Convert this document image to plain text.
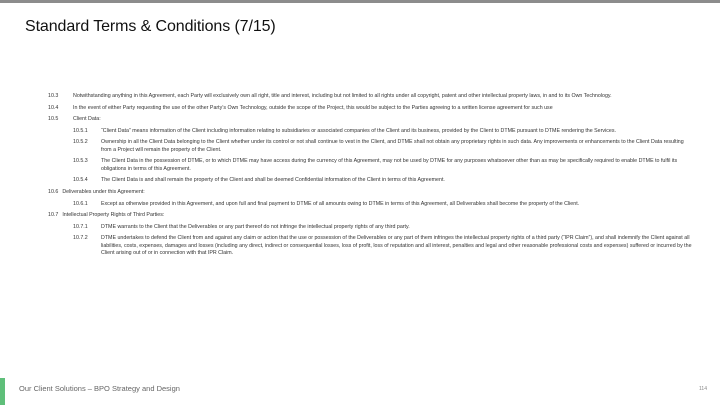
Standard Terms & Conditions (7/15)
10.3	Notwithstanding anything in this Agreement, each Party will exclusively own all right, title and interest, including but not limited to all rights under all copyright, patent and other intellectual property laws, in and to its Own Technology.
10.4	In the event of either Party requesting the use of the other Party’s Own Technology, outside the scope of the Project, this would be subject to the Parties agreeing to a written license agreement for such use
10.5	Client Data:
10.5.1	“Client Data” means information of the Client including information relating to subsidiaries or associated companies of the Client and its business, provided by the Client to DTME pursuant to DTME rendering the Services.
10.5.2	Ownership in all the Client Data belonging to the Client whether under its control or not shall continue to vest in the Client, and DTME shall not obtain any proprietary rights in such data. Any improvements or enhancements to the Client Data resulting from a Project will remain the property of the Client.
10.5.3	The Client Data in the possession of DTME, or to which DTME may have access during the currency of this Agreement, may not be used by DTME for any purposes whatsoever other than as may be specifically required to enable DTME to fulfil its obligations in terms of this Agreement.
10.5.4	The Client Data is and shall remain the property of the Client and shall be deemed Confidential information of the Client in terms of this Agreement.
10.6 Deliverables under this Agreement:
10.6.1	Except as otherwise provided in this Agreement, and upon full and final payment to DTME of all amounts owing to DTME in terms of this Agreement, all Deliverables shall become the property of the Client.
10.7 Intellectual Property Rights of Third Parties:
10.7.1	DTME warrants to the Client that the Deliverables or any part thereof do not infringe the intellectual property rights of any third party.
10.7.2	DTME undertakes to defend the Client from and against any claim or action that the use or possession of the Deliverables or any part of them infringes the intellectual property rights of a third party (“IPR Claim”), and shall indemnify the Client against all liabilities, costs, expenses, damages and losses (including any direct, indirect or consequential losses, loss of profit, loss of reputation and all interest, penalties and legal and other reasonable professional costs and expenses) suffered or incurred by the Client arising out of or in connection with that IPR Claim.
Our Client Solutions – BPO Strategy and Design	114
